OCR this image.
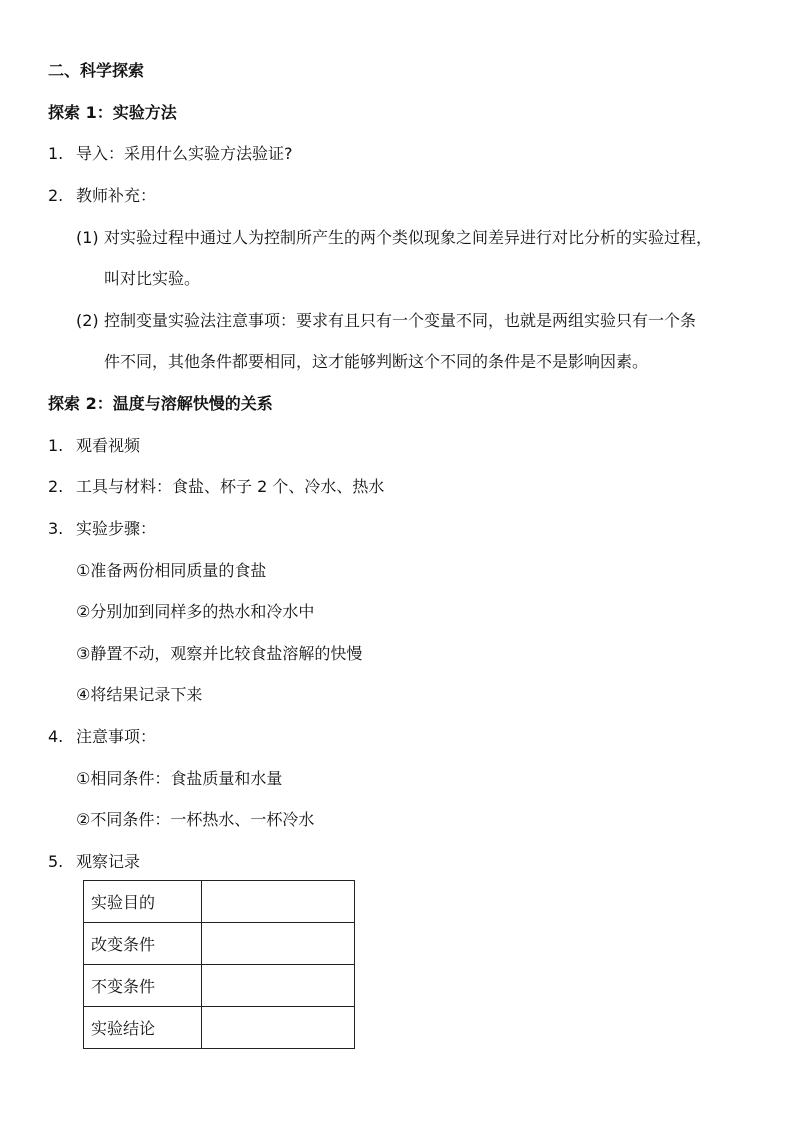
二、科学探索
探索 1：实验方法
1. 导入：采用什么实验方法验证?
2. 教师补充：
(1) 对实验过程中通过人为控制所产生的两个类似现象之间差异进行对比分析的实验过程，
叫对比实验。
(2) 控制变量实验法注意事项：要求有且只有一个变量不同，也就是两组实验只有一个条
件不同，其他条件都要相同，这才能够判断这个不同的条件是不是影响因素。
探索 2：温度与溶解快慢的关系
1. 观看视频
2. 工具与材料：食盐、杯子 2 个、冷水、热水
3. 实验步骤：
①准备两份相同质量的食盐
②分别加到同样多的热水和冷水中
③静置不动，观察并比较食盐溶解的快慢
④将结果记录下来
4. 注意事项：
①相同条件：食盐质量和水量
②不同条件：一杯热水、一杯冷水
5. 观察记录
实验目的	
改变条件	
不变条件	
实验结论	
